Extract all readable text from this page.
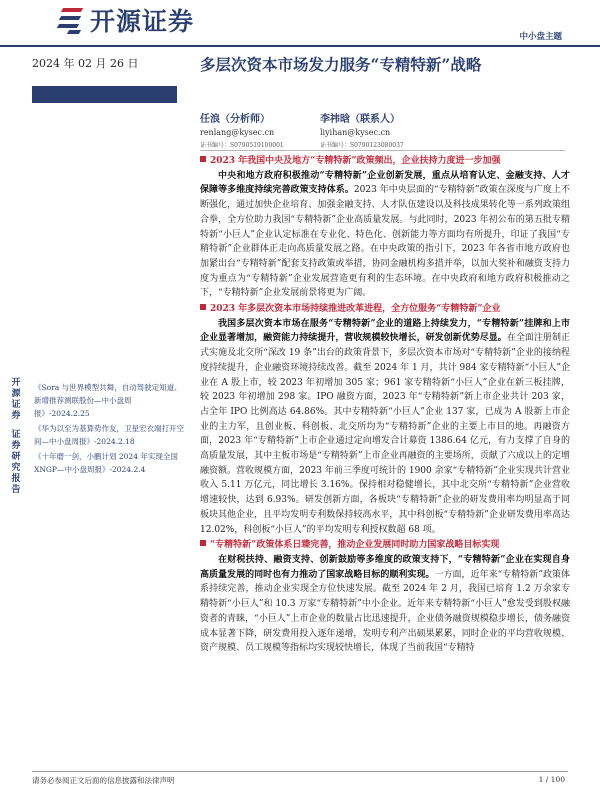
开源证券
中小盘主题
2024 年 02 月 26 日	多层次资本市场发力服务“专精特新”战略
任浪（分析师）
renlang@kysec.cn
证书编号：S0790519100001
李祎晗（联系人）
liyihan@kysec.cn
证书编号：S0790123080037
开
源
证
券
证
券
研
究
报
告

《Sora 与世界模型共舞，自动驾驶定知道、新增推荐测联股份—中小盘周报》-2024.2.25

《华为以至为基算势作友，卫星宏衣端打开空间—中小盘周报》-2024.2.18

《十年磨一剑，小鹏计划 2024 年实现全国 XNGP—中小盘周报》-2024.2.4

2023 年我国中央及地方“专精特新”政策频出，企业扶持力度进一步加强
中央和地方政府积极推动“专精特新”企业创新发展，重点从培育认定、金融支持、人才保障等多维度持续完善政策支持体系。2023 年中央层面的“专精特新”政策在深度与广度上不断强化，通过加快企业培育、加强金融支持、人才队伍建设以及科技成果转化等一系列政策组合拳，全方位助力我国“专精特新”企业高质量发展。与此同时，2023 年初公布的第五批专精特新“小巨人”企业认定标准在专业化、特色化、创新能力等方面均有所提升，印证了我国“专精特新”企业群体正走向高质量发展之路。在中央政策的指引下，2023 年各省市地方政府也加紧出台“专精特新”配套支持政策或举措，协同金融机构多措并举，以加大奖补和融资支持力度为重点为“专精特新”企业发展营造更有利的生态环境。在中央政府和地方政府积极推动之下，“专精特新”企业发展前景将更为广阔。
2023 年多层次资本市场持续推进改革进程，全方位服务“专精特新”企业
我国多层次资本市场在服务“专精特新”企业的道路上持续发力，“专精特新”挂牌和上市企业显著增加，融资能力持续提升，营收规模较快增长，研发创新优势尽显。在全面注册制正式实施及北交所“深改 19 条”出台的政策背景下，多层次资本市场对“专精特新”企业的接纳程度持续提升，企业融资环境持续改善。截至 2024 年 1 月，共计 984 家专精特新“小巨人”企业在 A 股上市，较 2023 年初增加 305 家；961 家专精特新“小巨人”企业在新三板挂牌，较 2023 年初增加 298 家。IPO 融资方面，2023 年“专精特新”新上市企业共计 203 家，占全年 IPO 比例高达 64.86%。其中专精特新“小巨人”企业 137 家，已成为 A 股新上市企业的主力军，且创业板、科创板、北交所均为“专精特新”企业的主要上市目的地。再融资方面，2023 年“专精特新”上市企业通过定向增发合计募资 1386.64 亿元，有力支撑了自身的高质量发展，其中主板市场是“专精特新”上市企业再融资的主要场所，贡献了六成以上的定增融资额。营收规模方面，2023 年前三季度可统计的 1900 余家“专精特新”企业实现共计营业收入 5.11 万亿元，同比增长 3.16%。保持相对稳健增长，其中北交所“专精特新”企业营收增速较快，达到 6.93%。研发创新方面，各板块“专精特新”企业的研发费用率均明显高于同板块其他企业，且平均发明专利数保持较高水平，其中科创板“专精特新”企业研发费用率高达 12.02%，科创板“小巨人”的平均发明专利授权数超 68 项。
“专精特新”政策体系日臻完善，推动企业发展同时助力国家战略目标实现
在财税扶持、融资支持、创新鼓励等多维度的政策支持下，“专精特新”企业在实现自身高质量发展的同时也有力推动了国家战略目标的顺利实现。一方面，近年来“专精特新”政策体系持续完善，推动企业实现全方位快速发展。截至 2024 年 2 月，我国已培育 1.2 万余家专精特新“小巨人”和 10.3 万家“专精特新”中小企业。近年来专精特新“小巨人”愈发受到股权融资者的青睐，“小巨人”上市企业的数量占比迅速提升，企业债务融资规模稳步增长，债务融资成本显著下降，研发费用投入逐年递增，发明专利产出硕果累累，同时企业的平均营收规模、资产规模、员工规模等指标均实现较快增长，体现了当前我国“专精特
请务必参阅正文后面的信息披露和法律声明	1 / 100
